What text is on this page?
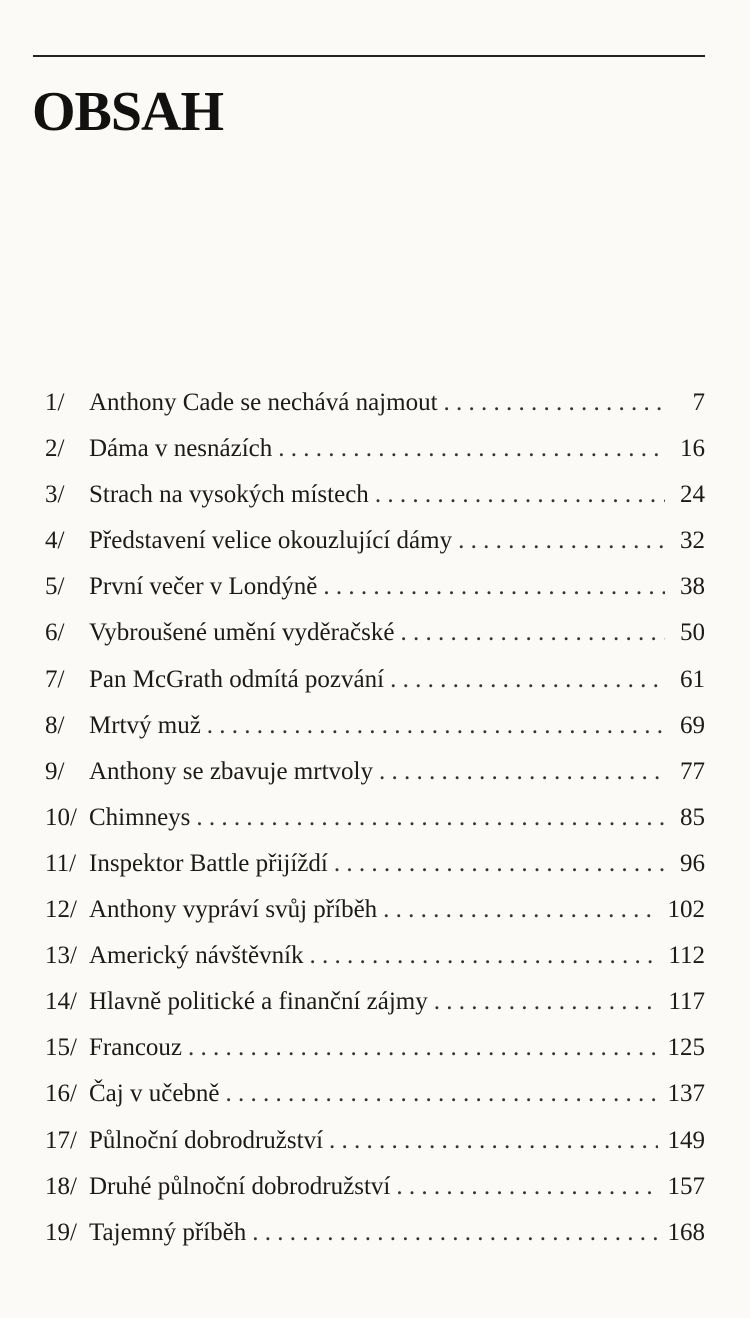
OBSAH
1/ Anthony Cade se nechává najmout . . .	7
2/ Dáma v nesnázích . . .	16
3/ Strach na vysokých místech . . .	24
4/ Představení velice okouzlující dámy . . .	32
5/ První večer v Londýně . . .	38
6/ Vybroušené umění vyděračské . . .	50
7/ Pan McGrath odmítá pozvání . . .	61
8/ Mrtvý muž . . .	69
9/ Anthony se zbavuje mrtvoly . . .	77
10/ Chimneys . . .	85
11/ Inspektor Battle přijíždí . . .	96
12/ Anthony vypráví svůj příběh . . .	102
13/ Americký návštěvník . . .	112
14/ Hlavně politické a finanční zájmy . . .	117
15/ Francouz . . .	125
16/ Čaj v učebně . . .	137
17/ Půlnoční dobrodružství . . .	149
18/ Druhé půlnoční dobrodružství . . .	157
19/ Tajemný příběh . . .	168
